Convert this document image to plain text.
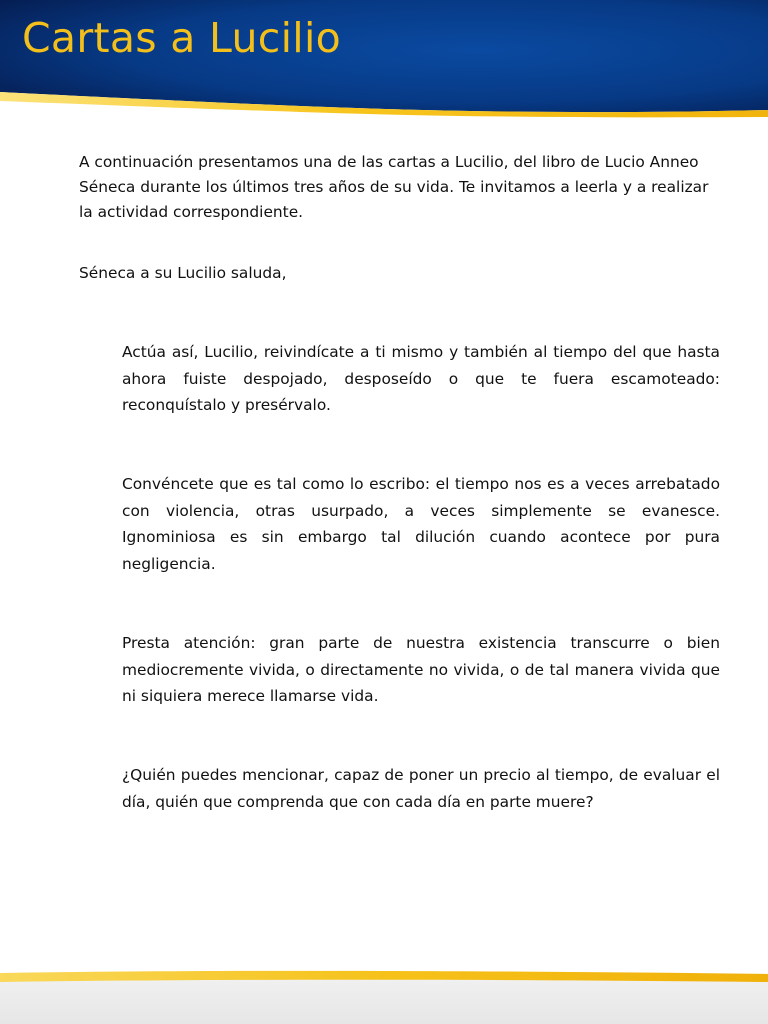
Cartas a Lucilio

A continuación presentamos una de las cartas a Lucilio, del libro de Lucio Anneo Séneca durante los últimos tres años de su vida. Te invitamos a leerla y a realizar la actividad correspondiente.

Séneca a su Lucilio saluda,

Actúa así, Lucilio, reivindícate a ti mismo y también al tiempo del que hasta ahora fuiste despojado, desposeído o que te fuera escamoteado: reconquístalo y presérvalo.

Convéncete que es tal como lo escribo: el tiempo nos es a veces arrebatado con violencia, otras usurpado, a veces simplemente se evanesce. Ignominiosa es sin embargo tal dilución cuando acontece por pura negligencia.

Presta atención: gran parte de nuestra existencia transcurre o bien mediocremente vivida, o directamente no vivida, o de tal manera vivida que ni siquiera merece llamarse vida.

¿Quién puedes mencionar, capaz de poner un precio al tiempo, de evaluar el día, quién que comprenda que con cada día en parte muere?
